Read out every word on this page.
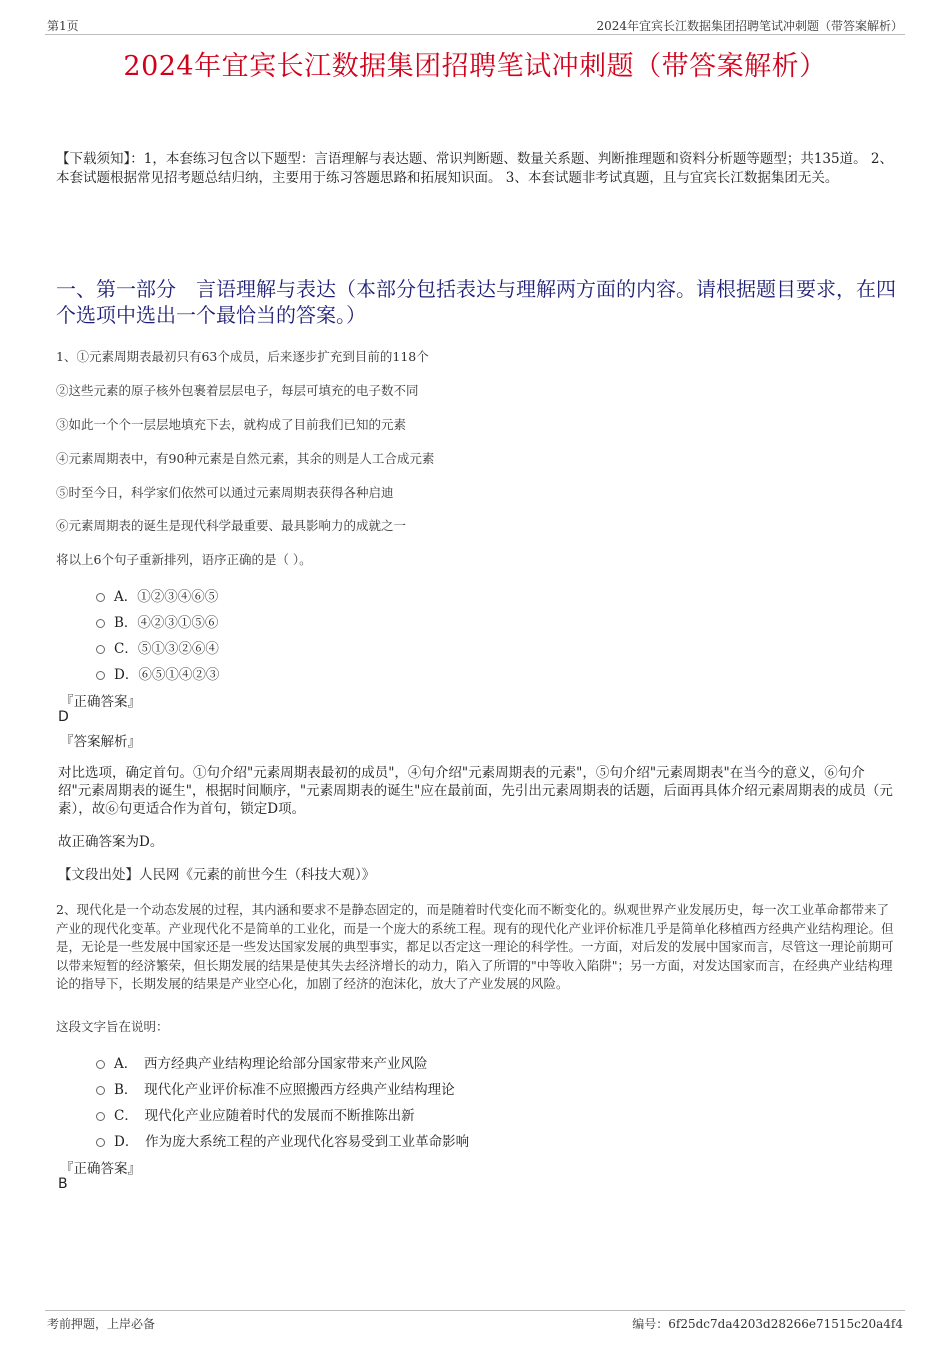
第1页	2024年宜宾长江数据集团招聘笔试冲刺题（带答案解析）
2024年宜宾长江数据集团招聘笔试冲刺题（带答案解析）
【下载须知】：1，本套练习包含以下题型：言语理解与表达题、常识判断题、数量关系题、判断推理题和资料分析题等题型；共135道。 2、本套试题根据常见招考题总结归纳，主要用于练习答题思路和拓展知识面。 3、本套试题非考试真题，且与宜宾长江数据集团无关。
一、第一部分　言语理解与表达（本部分包括表达与理解两方面的内容。请根据题目要求，在四个选项中选出一个最恰当的答案。）
1、①元素周期表最初只有63个成员，后来逐步扩充到目前的118个
②这些元素的原子核外包裹着层层电子，每层可填充的电子数不同
③如此一个个一层层地填充下去，就构成了目前我们已知的元素
④元素周期表中，有90种元素是自然元素，其余的则是人工合成元素
⑤时至今日，科学家们依然可以通过元素周期表获得各种启迪
⑥元素周期表的诞生是现代科学最重要、最具影响力的成就之一
将以上6个句子重新排列，语序正确的是（ ）。
A．①②③④⑥⑤
B．④②③①⑤⑥
C．⑤①③②⑥④
D．⑥⑤①④②③
『正确答案』
D
『答案解析』
对比选项，确定首句。①句介绍"元素周期表最初的成员"，④句介绍"元素周期表的元素"，⑤句介绍"元素周期表"在当今的意义，⑥句介绍"元素周期表的诞生"，根据时间顺序，"元素周期表的诞生"应在最前面，先引出元素周期表的话题，后面再具体介绍元素周期表的成员（元素），故⑥句更适合作为首句，锁定D项。
故正确答案为D。
【文段出处】人民网《元素的前世今生（科技大观）》
2、现代化是一个动态发展的过程，其内涵和要求不是静态固定的，而是随着时代变化而不断变化的。纵观世界产业发展历史，每一次工业革命都带来了产业的现代化变革。产业现代化不是简单的工业化，而是一个庞大的系统工程。现有的现代化产业评价标准几乎是简单化移植西方经典产业结构理论。但是，无论是一些发展中国家还是一些发达国家发展的典型事实，都足以否定这一理论的科学性。一方面，对后发的发展中国家而言，尽管这一理论前期可以带来短暂的经济繁荣，但长期发展的结果是使其失去经济增长的动力，陷入了所谓的"中等收入陷阱"；另一方面，对发达国家而言，在经典产业结构理论的指导下，长期发展的结果是产业空心化，加剧了经济的泡沫化，放大了产业发展的风险。
这段文字旨在说明：
A．　西方经典产业结构理论给部分国家带来产业风险
B．　现代化产业评价标准不应照搬西方经典产业结构理论
C．　现代化产业应随着时代的发展而不断推陈出新
D．　作为庞大系统工程的产业现代化容易受到工业革命影响
『正确答案』
B
考前押题，上岸必备	编号：6f25dc7da4203d28266e71515c20a4f4
